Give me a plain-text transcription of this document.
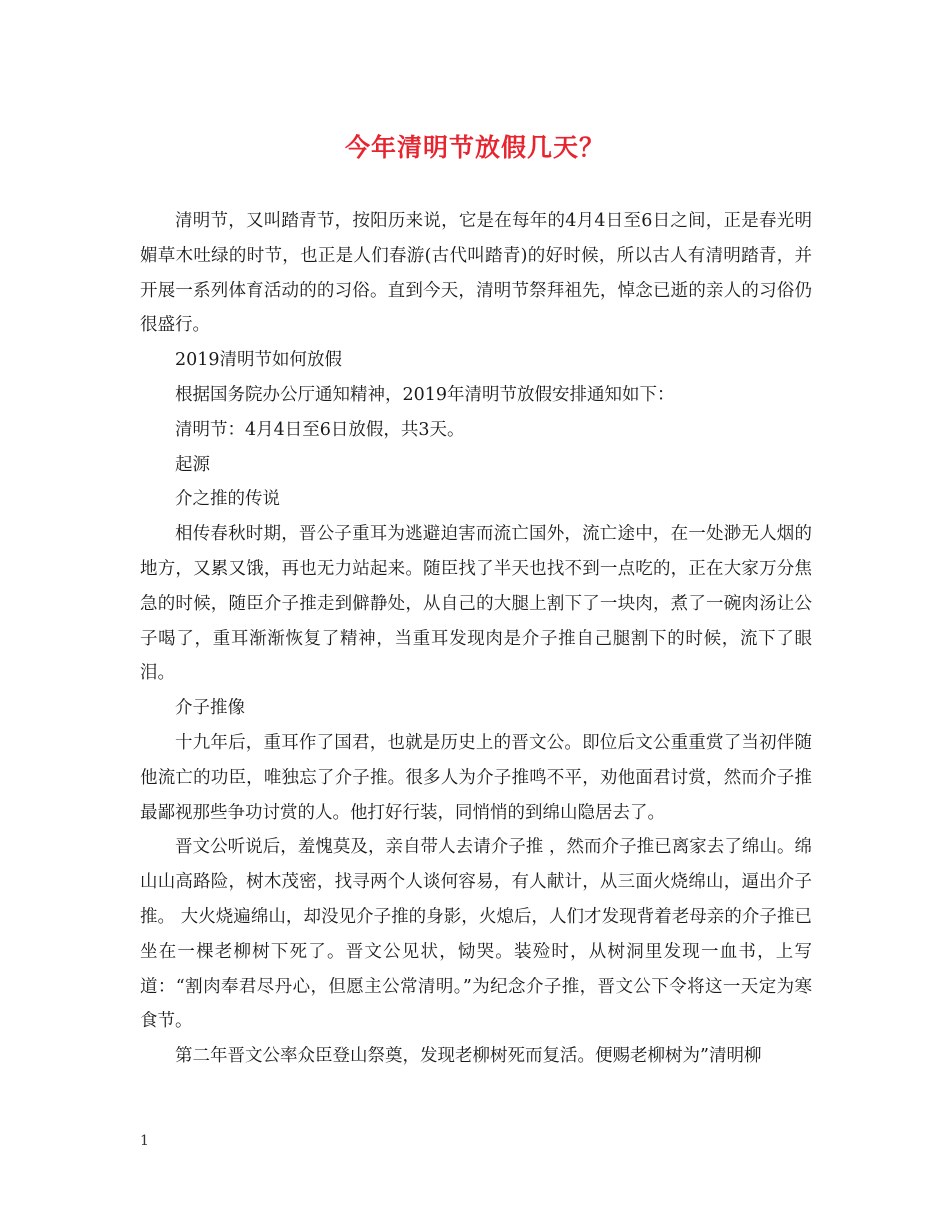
今年清明节放假几天？

清明节，又叫踏青节，按阳历来说，它是在每年的4月4日至6日之间，正是春光明媚草木吐绿的时节，也正是人们春游(古代叫踏青)的好时候，所以古人有清明踏青，并开展一系列体育活动的的习俗。直到今天，清明节祭拜祖先，悼念已逝的亲人的习俗仍很盛行。

2019清明节如何放假

根据国务院办公厅通知精神，2019年清明节放假安排通知如下：

清明节：4月4日至6日放假，共3天。

起源

介之推的传说

相传春秋时期，晋公子重耳为逃避迫害而流亡国外，流亡途中，在一处渺无人烟的地方，又累又饿，再也无力站起来。随臣找了半天也找不到一点吃的，正在大家万分焦急的时候，随臣介子推走到僻静处，从自己的大腿上割下了一块肉，煮了一碗肉汤让公子喝了，重耳渐渐恢复了精神，当重耳发现肉是介子推自己腿割下的时候，流下了眼泪。

介子推像

十九年后，重耳作了国君，也就是历史上的晋文公。即位后文公重重赏了当初伴随他流亡的功臣，唯独忘了介子推。很多人为介子推鸣不平，劝他面君讨赏，然而介子推最鄙视那些争功讨赏的人。他打好行装，同悄悄的到绵山隐居去了。

晋文公听说后，羞愧莫及，亲自带人去请介子推 ，然而介子推已离家去了绵山。绵山山高路险，树木茂密，找寻两个人谈何容易，有人献计，从三面火烧绵山，逼出介子推。 大火烧遍绵山，却没见介子推的身影，火熄后，人们才发现背着老母亲的介子推已坐在一棵老柳树下死了。晋文公见状，恸哭。装殓时，从树洞里发现一血书，上写道：“割肉奉君尽丹心，但愿主公常清明。”为纪念介子推，晋文公下令将这一天定为寒食节。

第二年晋文公率众臣登山祭奠，发现老柳树死而复活。便赐老柳树为”清明柳

1
